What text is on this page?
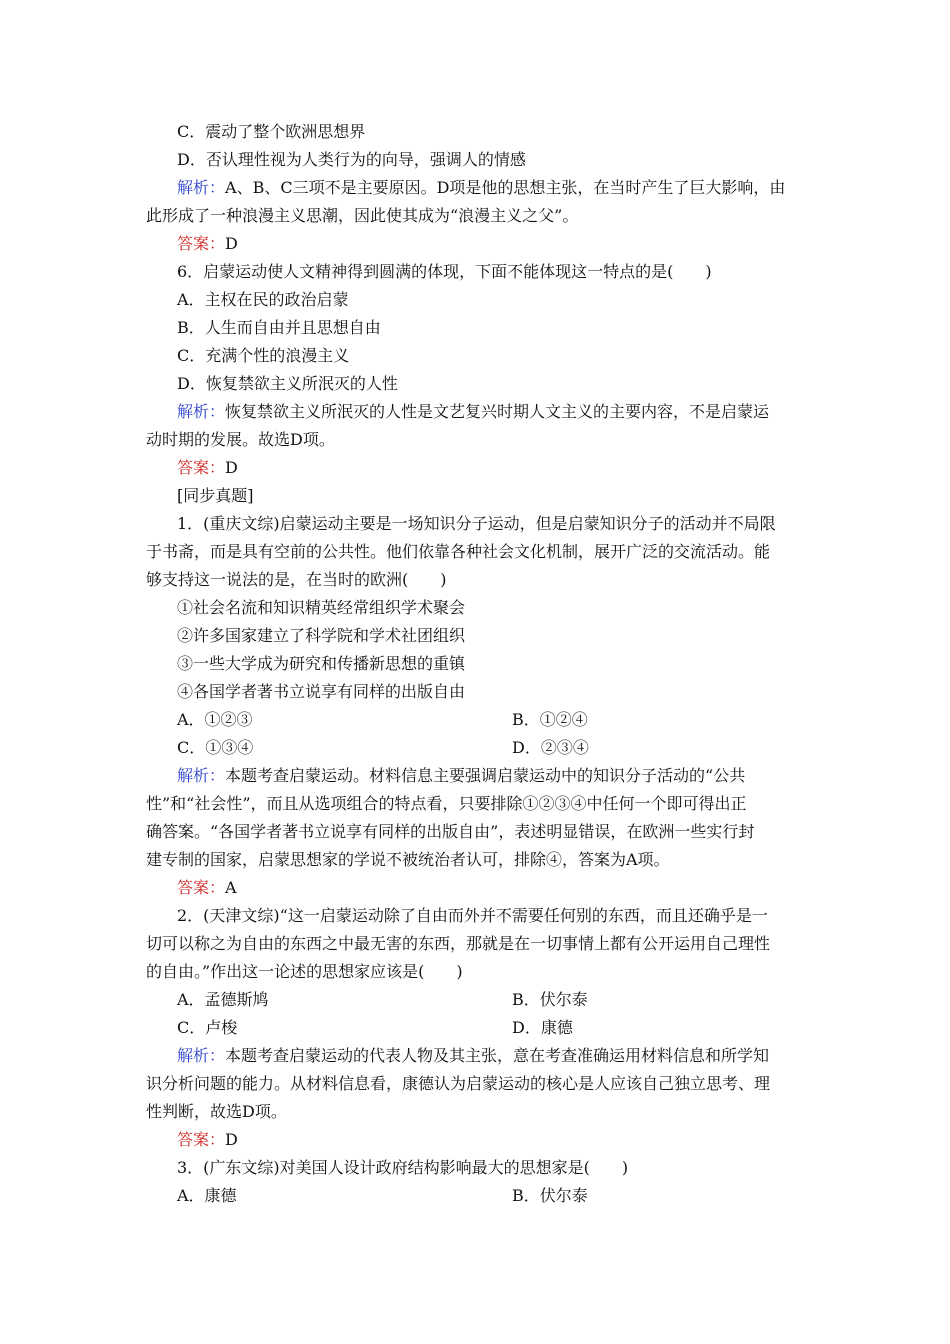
C．震动了整个欧洲思想界
D．否认理性视为人类行为的向导，强调人的情感
解析：A、B、C三项不是主要原因。D项是他的思想主张，在当时产生了巨大影响，由
此形成了一种浪漫主义思潮，因此使其成为“浪漫主义之父”。
答案：D
6．启蒙运动使人文精神得到圆满的体现，下面不能体现这一特点的是(　　)
A．主权在民的政治启蒙
B．人生而自由并且思想自由
C．充满个性的浪漫主义
D．恢复禁欲主义所泯灭的人性
解析：恢复禁欲主义所泯灭的人性是文艺复兴时期人文主义的主要内容，不是启蒙运
动时期的发展。故选D项。
答案：D
[同步真题]
1．(重庆文综)启蒙运动主要是一场知识分子运动，但是启蒙知识分子的活动并不局限
于书斋，而是具有空前的公共性。他们依靠各种社会文化机制，展开广泛的交流活动。能
够支持这一说法的是，在当时的欧洲(　　)
①社会名流和知识精英经常组织学术聚会
②许多国家建立了科学院和学术社团组织
③一些大学成为研究和传播新思想的重镇
④各国学者著书立说享有同样的出版自由
A．①②③	B．①②④
C．①③④	D．②③④
解析：本题考查启蒙运动。材料信息主要强调启蒙运动中的知识分子活动的“公共
性”和“社会性”，而且从选项组合的特点看，只要排除①②③④中任何一个即可得出正
确答案。“各国学者著书立说享有同样的出版自由”，表述明显错误，在欧洲一些实行封
建专制的国家，启蒙思想家的学说不被统治者认可，排除④，答案为A项。
答案：A
2．(天津文综)“这一启蒙运动除了自由而外并不需要任何别的东西，而且还确乎是一
切可以称之为自由的东西之中最无害的东西，那就是在一切事情上都有公开运用自己理性
的自由。”作出这一论述的思想家应该是(　　)
A．孟德斯鸠	B．伏尔泰
C．卢梭	D．康德
解析：本题考查启蒙运动的代表人物及其主张，意在考查准确运用材料信息和所学知
识分析问题的能力。从材料信息看，康德认为启蒙运动的核心是人应该自己独立思考、理
性判断，故选D项。
答案：D
3．(广东文综)对美国人设计政府结构影响最大的思想家是(　　)
A．康德	B．伏尔泰
